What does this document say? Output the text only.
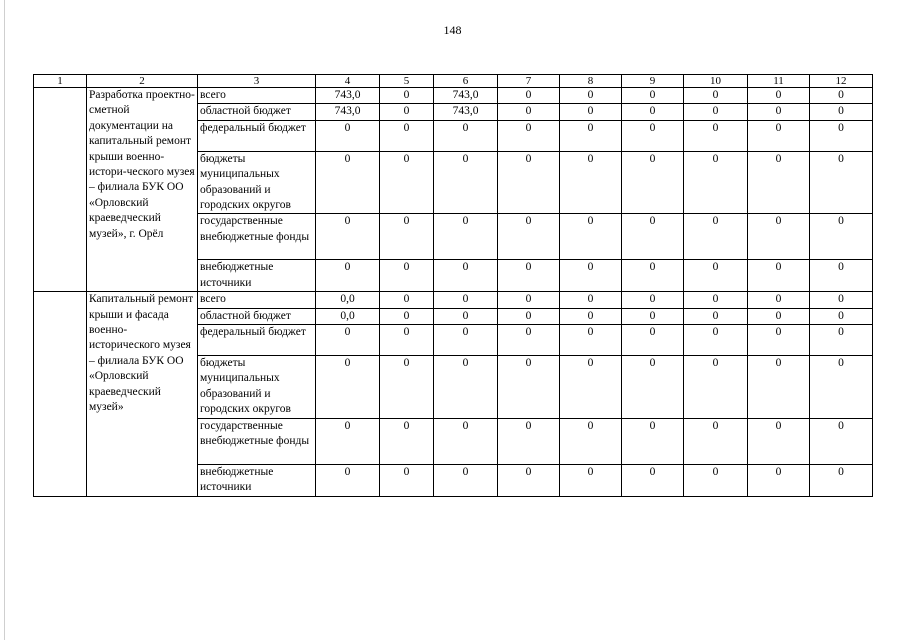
148
1	2	3	4	5	6	7	8	9	10	11	12
	Разработка проектно-сметной документации на капитальный ремонт крыши военно-истори-ческого музея – филиала БУК ОО «Орловский краеведческий музей», г. Орёл	всего	743,0	0	743,0	0	0	0	0	0	0
		областной бюджет	743,0	0	743,0	0	0	0	0	0	0
		федеральный бюджет	0	0	0	0	0	0	0	0	0
		бюджеты муниципальных образований и городских округов	0	0	0	0	0	0	0	0	0
		государственные внебюджетные фонды	0	0	0	0	0	0	0	0	0
		внебюджетные источники	0	0	0	0	0	0	0	0	0
	Капитальный ремонт крыши и фасада военно-исторического музея – филиала БУК ОО «Орловский краеведческий музей»	всего	0,0	0	0	0	0	0	0	0	0
		областной бюджет	0,0	0	0	0	0	0	0	0	0
		федеральный бюджет	0	0	0	0	0	0	0	0	0
		бюджеты муниципальных образований и городских округов	0	0	0	0	0	0	0	0	0
		государственные внебюджетные фонды	0	0	0	0	0	0	0	0	0
		внебюджетные источники	0	0	0	0	0	0	0	0	0
